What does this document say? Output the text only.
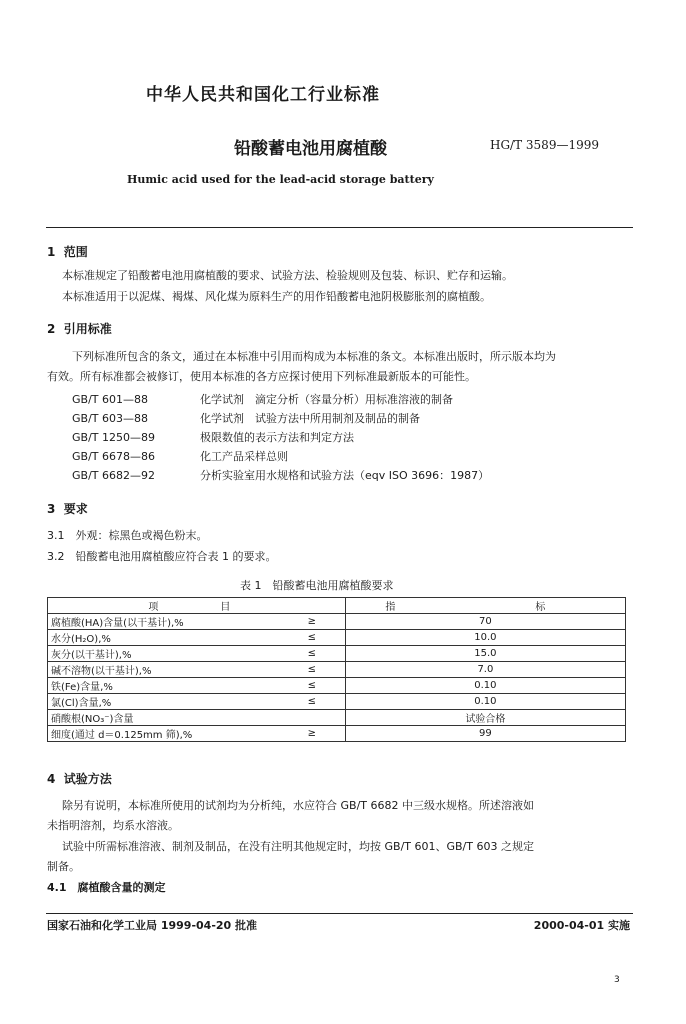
中华人民共和国化工行业标准
铅酸蓄电池用腐植酸	HG/T 3589—1999
Humic acid used for the lead-acid storage battery
1 范围
本标准规定了铅酸蓄电池用腐植酸的要求、试验方法、检验规则及包装、标识、贮存和运输。
本标准适用于以泥煤、褐煤、风化煤为原料生产的用作铅酸蓄电池阴极膨胀剂的腐植酸。
2 引用标准
下列标准所包含的条文，通过在本标准中引用而构成为本标准的条文。本标准出版时，所示版本均为
有效。所有标准都会被修订，使用本标准的各方应探讨使用下列标准最新版本的可能性。
GB/T 601—88	化学试剂　滴定分析（容量分析）用标准溶液的制备
GB/T 603—88	化学试剂　试验方法中所用制剂及制品的制备
GB/T 1250—89	极限数值的表示方法和判定方法
GB/T 6678—86	化工产品采样总则
GB/T 6682—92	分析实验室用水规格和试验方法（eqv ISO 3696：1987）
3 要求
3.1　外观：棕黑色或褐色粉末。
3.2　铅酸蓄电池用腐植酸应符合表 1 的要求。
表 1　铅酸蓄电池用腐植酸要求
项　　目		指　　标
腐植酸(HA)含量(以干基计),%	≥	70
水分(H₂O),%	≤	10.0
灰分(以干基计),%	≤	15.0
碱不溶物(以干基计),%	≤	7.0
铁(Fe)含量,%	≤	0.10
氯(Cl)含量,%	≤	0.10
硝酸根(NO₃⁻)含量		试验合格
细度(通过 d＝0.125mm 筛),%	≥	99
4 试验方法
除另有说明，本标准所使用的试剂均为分析纯，水应符合 GB/T 6682 中三级水规格。所述溶液如
未指明溶剂，均系水溶液。
试验中所需标准溶液、制剂及制品，在没有注明其他规定时，均按 GB/T 601、GB/T 603 之规定
制备。
4.1　腐植酸含量的测定
国家石油和化学工业局 1999-04-20 批准	2000-04-01 实施
3
